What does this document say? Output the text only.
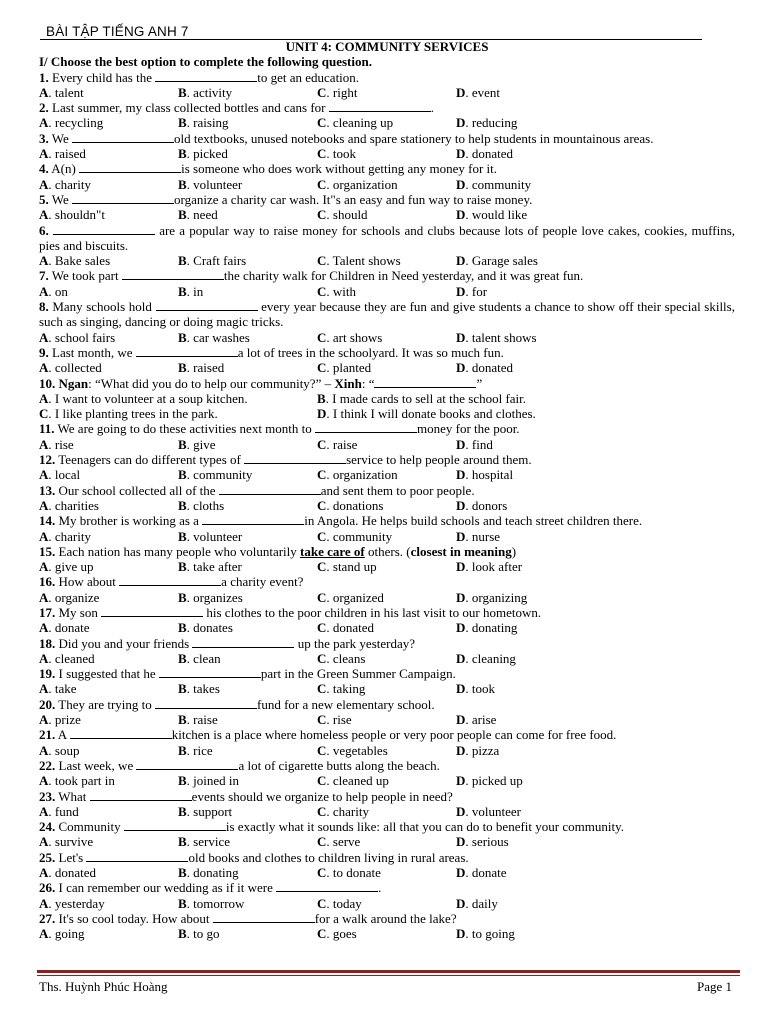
BÀI TẬP TIẾNG ANH 7
UNIT 4: COMMUNITY SERVICES
I/ Choose the best option to complete the following question.
1. Every child has the	to get an education.
A. talent	B. activity	C. right	D. event
2. Last summer, my class collected bottles and cans for	.
A. recycling	B. raising	C. cleaning up	D. reducing
3. We	old textbooks, unused notebooks and spare stationery to help students in mountainous areas.
A. raised	B. picked	C. took	D. donated
4. A(n)	is someone who does work without getting any money for it.
A. charity	B. volunteer	C. organization	D. community
5. We	organize a charity car wash. It"s an easy and fun way to raise money.
A. shouldn"t	B. need	C. should	D. would like
6.	are a popular way to raise money for schools and clubs because lots of people love cakes, cookies, muffins, pies and biscuits.
A. Bake sales	B. Craft fairs	C. Talent shows	D. Garage sales
7. We took part	the charity walk for Children in Need yesterday, and it was great fun.
A. on	B. in	C. with	D. for
8. Many schools hold	every year because they are fun and give students a chance to show off their special skills, such as singing, dancing or doing magic tricks.
A. school fairs	B. car washes	C. art shows	D. talent shows
9. Last month, we	a lot of trees in the schoolyard. It was so much fun.
A. collected	B. raised	C. planted	D. donated
10. Ngan: “What did you do to help our community?” – Xinh: “	”
A. I want to volunteer at a soup kitchen.	B. I made cards to sell at the school fair.
C. I like planting trees in the park.	D. I think I will donate books and clothes.
11. We are going to do these activities next month to	money for the poor.
A. rise	B. give	C. raise	D. find
12. Teenagers can do different types of	service to help people around them.
A. local	B. community	C. organization	D. hospital
13. Our school collected all of the	and sent them to poor people.
A. charities	B. cloths	C. donations	D. donors
14. My brother is working as a	in Angola. He helps build schools and teach street children there.
A. charity	B. volunteer	C. community	D. nurse
15. Each nation has many people who voluntarily take care of others. (closest in meaning)
A. give up	B. take after	C. stand up	D. look after
16. How about	a charity event?
A. organize	B. organizes	C. organized	D. organizing
17. My son	his clothes to the poor children in his last visit to our hometown.
A. donate	B. donates	C. donated	D. donating
18. Did you and your friends	up the park yesterday?
A. cleaned	B. clean	C. cleans	D. cleaning
19. I suggested that he	part in the Green Summer Campaign.
A. take	B. takes	C. taking	D. took
20. They are trying to	fund for a new elementary school.
A. prize	B. raise	C. rise	D. arise
21. A	kitchen is a place where homeless people or very poor people can come for free food.
A. soup	B. rice	C. vegetables	D. pizza
22. Last week, we	a lot of cigarette butts along the beach.
A. took part in	B. joined in	C. cleaned up	D. picked up
23. What	events should we organize to help people in need?
A. fund	B. support	C. charity	D. volunteer
24. Community	is exactly what it sounds like: all that you can do to benefit your community.
A. survive	B. service	C. serve	D. serious
25. Let's	old books and clothes to children living in rural areas.
A. donated	B. donating	C. to donate	D. donate
26. I can remember our wedding as if it were	.
A. yesterday	B. tomorrow	C. today	D. daily
27. It's so cool today. How about	for a walk around the lake?
A. going	B. to go	C. goes	D. to going
Ths. Huỳnh Phúc Hoàng	Page 1
